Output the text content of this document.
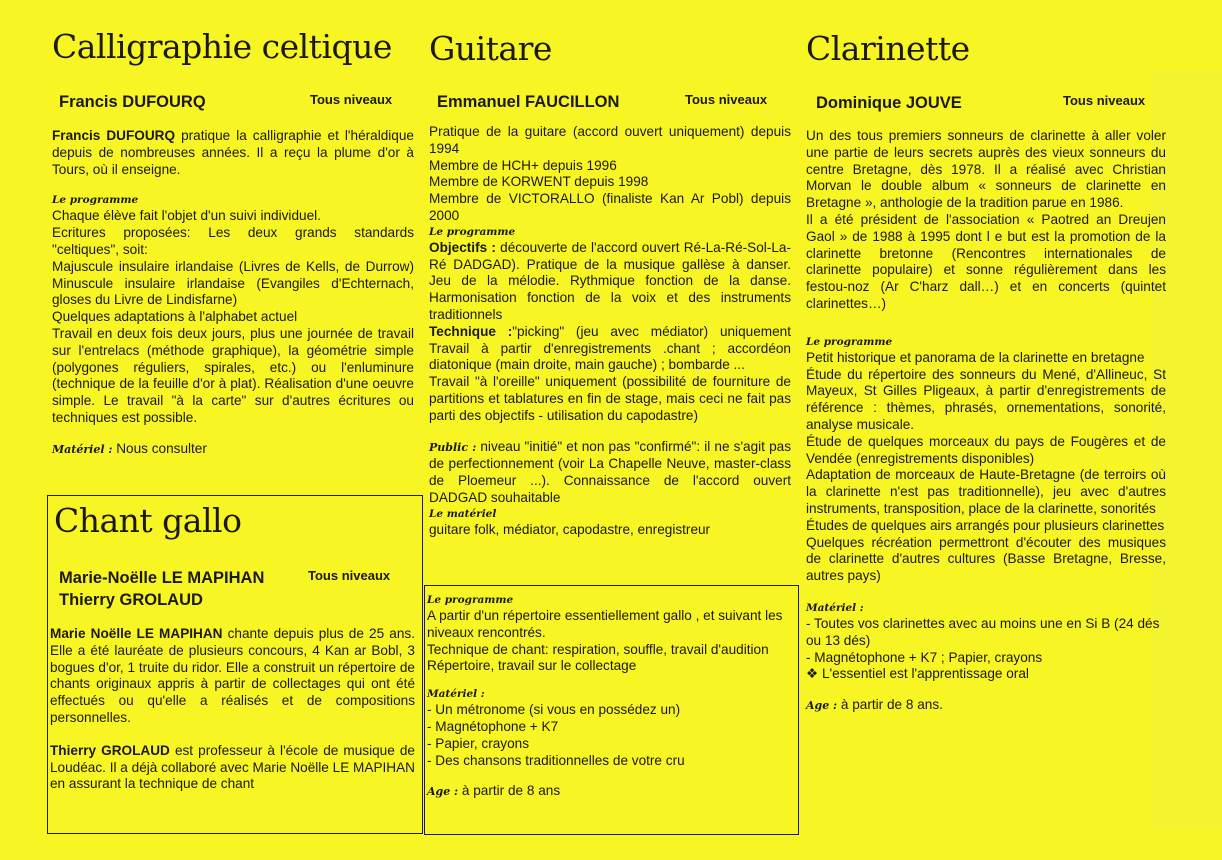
Calligraphie celtique
Francis DUFOURQ	Tous niveaux

Francis DUFOURQ pratique la calligraphie et l'héraldique depuis de nombreuses années. Il a reçu la plume d'or à Tours, où il enseigne.

Le programme

Chaque élève fait l'objet d'un suivi individuel.

Ecritures proposées: Les deux grands standards "celtiques", soit:

Majuscule insulaire irlandaise (Livres de Kells, de Durrow) Minuscule insulaire irlandaise (Evangiles d'Echternach, gloses du Livre de Lindisfarne)

Quelques adaptations à l'alphabet actuel

Travail en deux fois deux jours, plus une journée de travail sur l'entrelacs (méthode graphique), la géométrie simple (polygones réguliers, spirales, etc.) ou l'enluminure (technique de la feuille d'or à plat). Réalisation d'une oeuvre simple. Le travail "à la carte" sur d'autres écritures ou techniques est possible.

Matériel : Nous consulter

Chant gallo
Marie-Noëlle LE MAPIHAN	Tous niveaux
Thierry GROLAUD

Marie Noëlle LE MAPIHAN chante depuis plus de 25 ans. Elle a été lauréate de plusieurs concours, 4 Kan ar Bobl, 3 bogues d'or, 1 truite du ridor. Elle a construit un répertoire de chants originaux appris à partir de collectages qui ont été effectués ou qu'elle a réalisés et de compositions personnelles.

Thierry GROLAUD est professeur à l'école de musique de Loudéac. Il a déjà collaboré avec Marie Noëlle LE MAPIHAN en assurant la technique de chant

Guitare
Emmanuel FAUCILLON	Tous niveaux

Pratique de la guitare (accord ouvert uniquement) depuis 1994

Membre de HCH+ depuis 1996

Membre de KORWENT depuis 1998

Membre de VICTORALLO (finaliste Kan Ar Pobl) depuis 2000

Le programme

Objectifs : découverte de l'accord ouvert Ré-La-Ré-Sol-La-Ré DADGAD). Pratique de la musique gallèse à danser. Jeu de la mélodie. Rythmique fonction de la danse. Harmonisation fonction de la voix et des instruments traditionnels

Technique :"picking" (jeu avec médiator) uniquement Travail à partir d'enregistrements .chant ; accordéon diatonique (main droite, main gauche) ; bombarde ...

Travail "à l'oreille" uniquement (possibilité de fourniture de partitions et tablatures en fin de stage, mais ceci ne fait pas parti des objectifs - utilisation du capodastre)

Public : niveau "initié" et non pas "confirmé": il ne s'agit pas de perfectionnement (voir La Chapelle Neuve, master-class de Ploemeur ...). Connaissance de l'accord ouvert DADGAD souhaitable

Le matériel

guitare folk, médiator, capodastre, enregistreur

Le programme

A partir d'un répertoire essentiellement gallo , et suivant les niveaux rencontrés.

Technique de chant: respiration, souffle, travail d'audition Répertoire, travail sur le collectage

Matériel :

- Un métronome (si vous en possédez un)
- Magnétophone + K7
- Papier, crayons
- Des chansons traditionnelles de votre cru

Age : à partir de 8 ans

Clarinette
Dominique JOUVE	Tous niveaux

Un des tous premiers sonneurs de clarinette à aller voler une partie de leurs secrets auprès des vieux sonneurs du centre Bretagne, dès 1978. Il a réalisé avec Christian Morvan le double album « sonneurs de clarinette en Bretagne », anthologie de la tradition parue en 1986.

Il a été président de l'association « Paotred an Dreujen Gaol » de 1988 à 1995 dont l e but est la promotion de la clarinette bretonne (Rencontres internationales de clarinette populaire) et sonne régulièrement dans les festou-noz (Ar C'harz dall…) et en concerts (quintet clarinettes…)

Le programme

Petit historique et panorama de la clarinette en bretagne

Étude du répertoire des sonneurs du Mené, d'Allineuc, St Mayeux, St Gilles Pligeaux, à partir d'enregistrements de référence : thèmes, phrasés, ornementations, sonorité, analyse musicale.

Étude de quelques morceaux du pays de Fougères et de Vendée (enregistrements disponibles)

Adaptation de morceaux de Haute-Bretagne (de terroirs où la clarinette n'est pas traditionnelle), jeu avec d'autres instruments, transposition, place de la clarinette, sonorités

Études de quelques airs arrangés pour plusieurs clarinettes

Quelques récréation permettront d'écouter des musiques de clarinette d'autres cultures (Basse Bretagne, Bresse, autres pays)

Matériel :

- Toutes vos clarinettes avec au moins une en Si B (24 dés ou 13 dés)
- Magnétophone + K7 ; Papier, crayons
❖ L'essentiel est l'apprentissage oral

Age : à partir de 8 ans.
